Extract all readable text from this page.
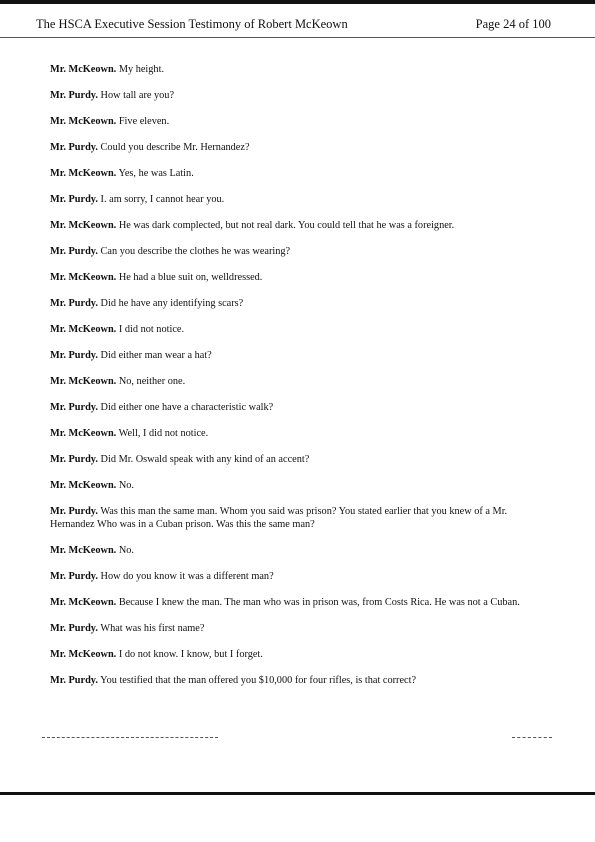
The HSCA Executive Session Testimony of Robert McKeown	Page 24 of 100

Mr. McKeown. My height.

Mr. Purdy. How tall are you?

Mr. McKeown. Five eleven.

Mr. Purdy. Could you describe Mr. Hernandez?

Mr. McKeown. Yes, he was Latin.

Mr. Purdy. I. am sorry, I cannot hear you.

Mr. McKeown. He was dark complected, but not real dark. You could tell that he was a foreigner.

Mr. Purdy. Can you describe the clothes he was wearing?

Mr. McKeown. He had a blue suit on, welldressed.

Mr. Purdy. Did he have any identifying scars?

Mr. McKeown. I did not notice.

Mr. Purdy. Did either man wear a hat?

Mr. McKeown. No, neither one.

Mr. Purdy. Did either one have a characteristic walk?

Mr. McKeown. Well, I did not notice.

Mr. Purdy. Did Mr. Oswald speak with any kind of an accent?

Mr. McKeown. No.

Mr. Purdy. Was this man the same man. Whom you said was prison? You stated earlier that you knew of a Mr. Hernandez Who was in a Cuban prison. Was this the same man?

Mr. McKeown. No.

Mr. Purdy. How do you know it was a different man?

Mr. McKeown. Because I knew the man. The man who was in prison was, from Costs Rica. He was not a Cuban.

Mr. Purdy. What was his first name?

Mr. McKeown. I do not know. I know, but I forget.

Mr. Purdy. You testified that the man offered you $10,000 for four rifles, is that correct?
